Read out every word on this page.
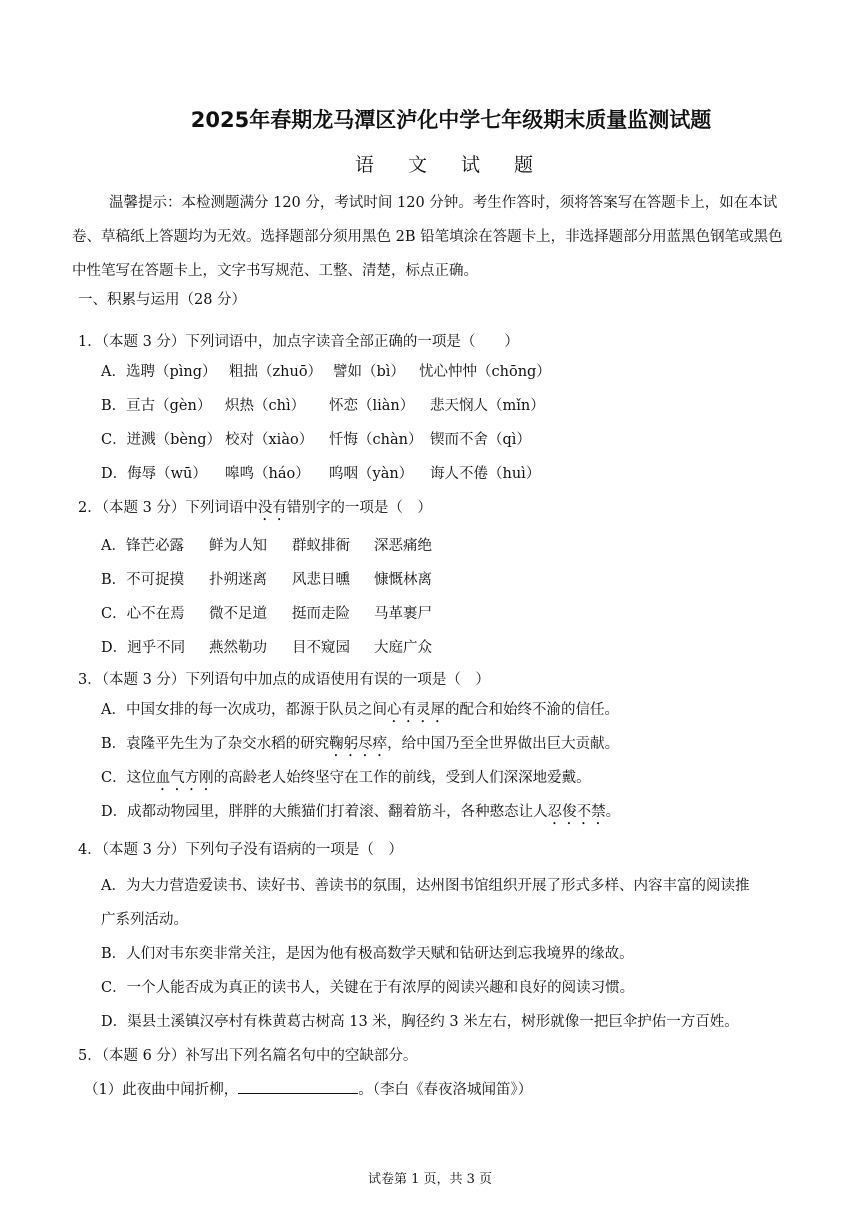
2025年春期龙马潭区泸化中学七年级期末质量监测试题
语 文 试 题
温馨提示：本检测题满分 120 分，考试时间 120 分钟。考生作答时，须将答案写在答题卡上，如在本试卷、草稿纸上答题均为无效。选择题部分须用黑色 2B 铅笔填涂在答题卡上，非选择题部分用蓝黑色钢笔或黑色中性笔写在答题卡上，文字书写规范、工整、清楚，标点正确。
一、积累与运用（28 分）
1．（本题 3 分）下列词语中，加点字读音全部正确的一项是（　　）
A．选聘（pìng） 粗拙（zhuō） 譬如（bì） 忧心忡忡（chōng）
B．亘古（gèn） 炽热（chì） 怀恋（liàn） 悲天悯人（mǐn）
C．迸溅（bèng） 校对（xiào） 忏悔（chàn） 锲而不舍（qì）
D．侮辱（wū） 嗥鸣（háo） 呜咽（yàn） 诲人不倦（huì）
2．（本题 3 分）下列词语中没有错别字的一项是（　）
A．锋芒必露 鲜为人知 群蚁排衙 深恶痛绝
B．不可捉摸 扑朔迷离 风悲日曛 慷慨林离
C．心不在焉 微不足道 挺而走险 马革裹尸
D．迥乎不同 燕然勒功 目不窥园 大庭广众
3．（本题 3 分）下列语句中加点的成语使用有误的一项是（　）
A．中国女排的每一次成功，都源于队员之间心有灵犀的配合和始终不渝的信任。
B．袁隆平先生为了杂交水稻的研究鞠躬尽瘁，给中国乃至全世界做出巨大贡献。
C．这位血气方刚的高龄老人始终坚守在工作的前线，受到人们深深地爱戴。
D．成都动物园里，胖胖的大熊猫们打着滚、翻着筋斗，各种憨态让人忍俊不禁。
4．（本题 3 分）下列句子没有语病的一项是（　）
A．为大力营造爱读书、读好书、善读书的氛围，达州图书馆组织开展了形式多样、内容丰富的阅读推
广系列活动。
B．人们对韦东奕非常关注，是因为他有极高数学天赋和钻研达到忘我境界的缘故。
C．一个人能否成为真正的读书人，关键在于有浓厚的阅读兴趣和良好的阅读习惯。
D．渠县土溪镇汉亭村有株黄葛古树高 13 米，胸径约 3 米左右，树形就像一把巨伞护佑一方百姓。
5．（本题 6 分）补写出下列名篇名句中的空缺部分。
（1）此夜曲中闻折柳，	。（李白《春夜洛城闻笛》）
试卷第 1 页，共 3 页
